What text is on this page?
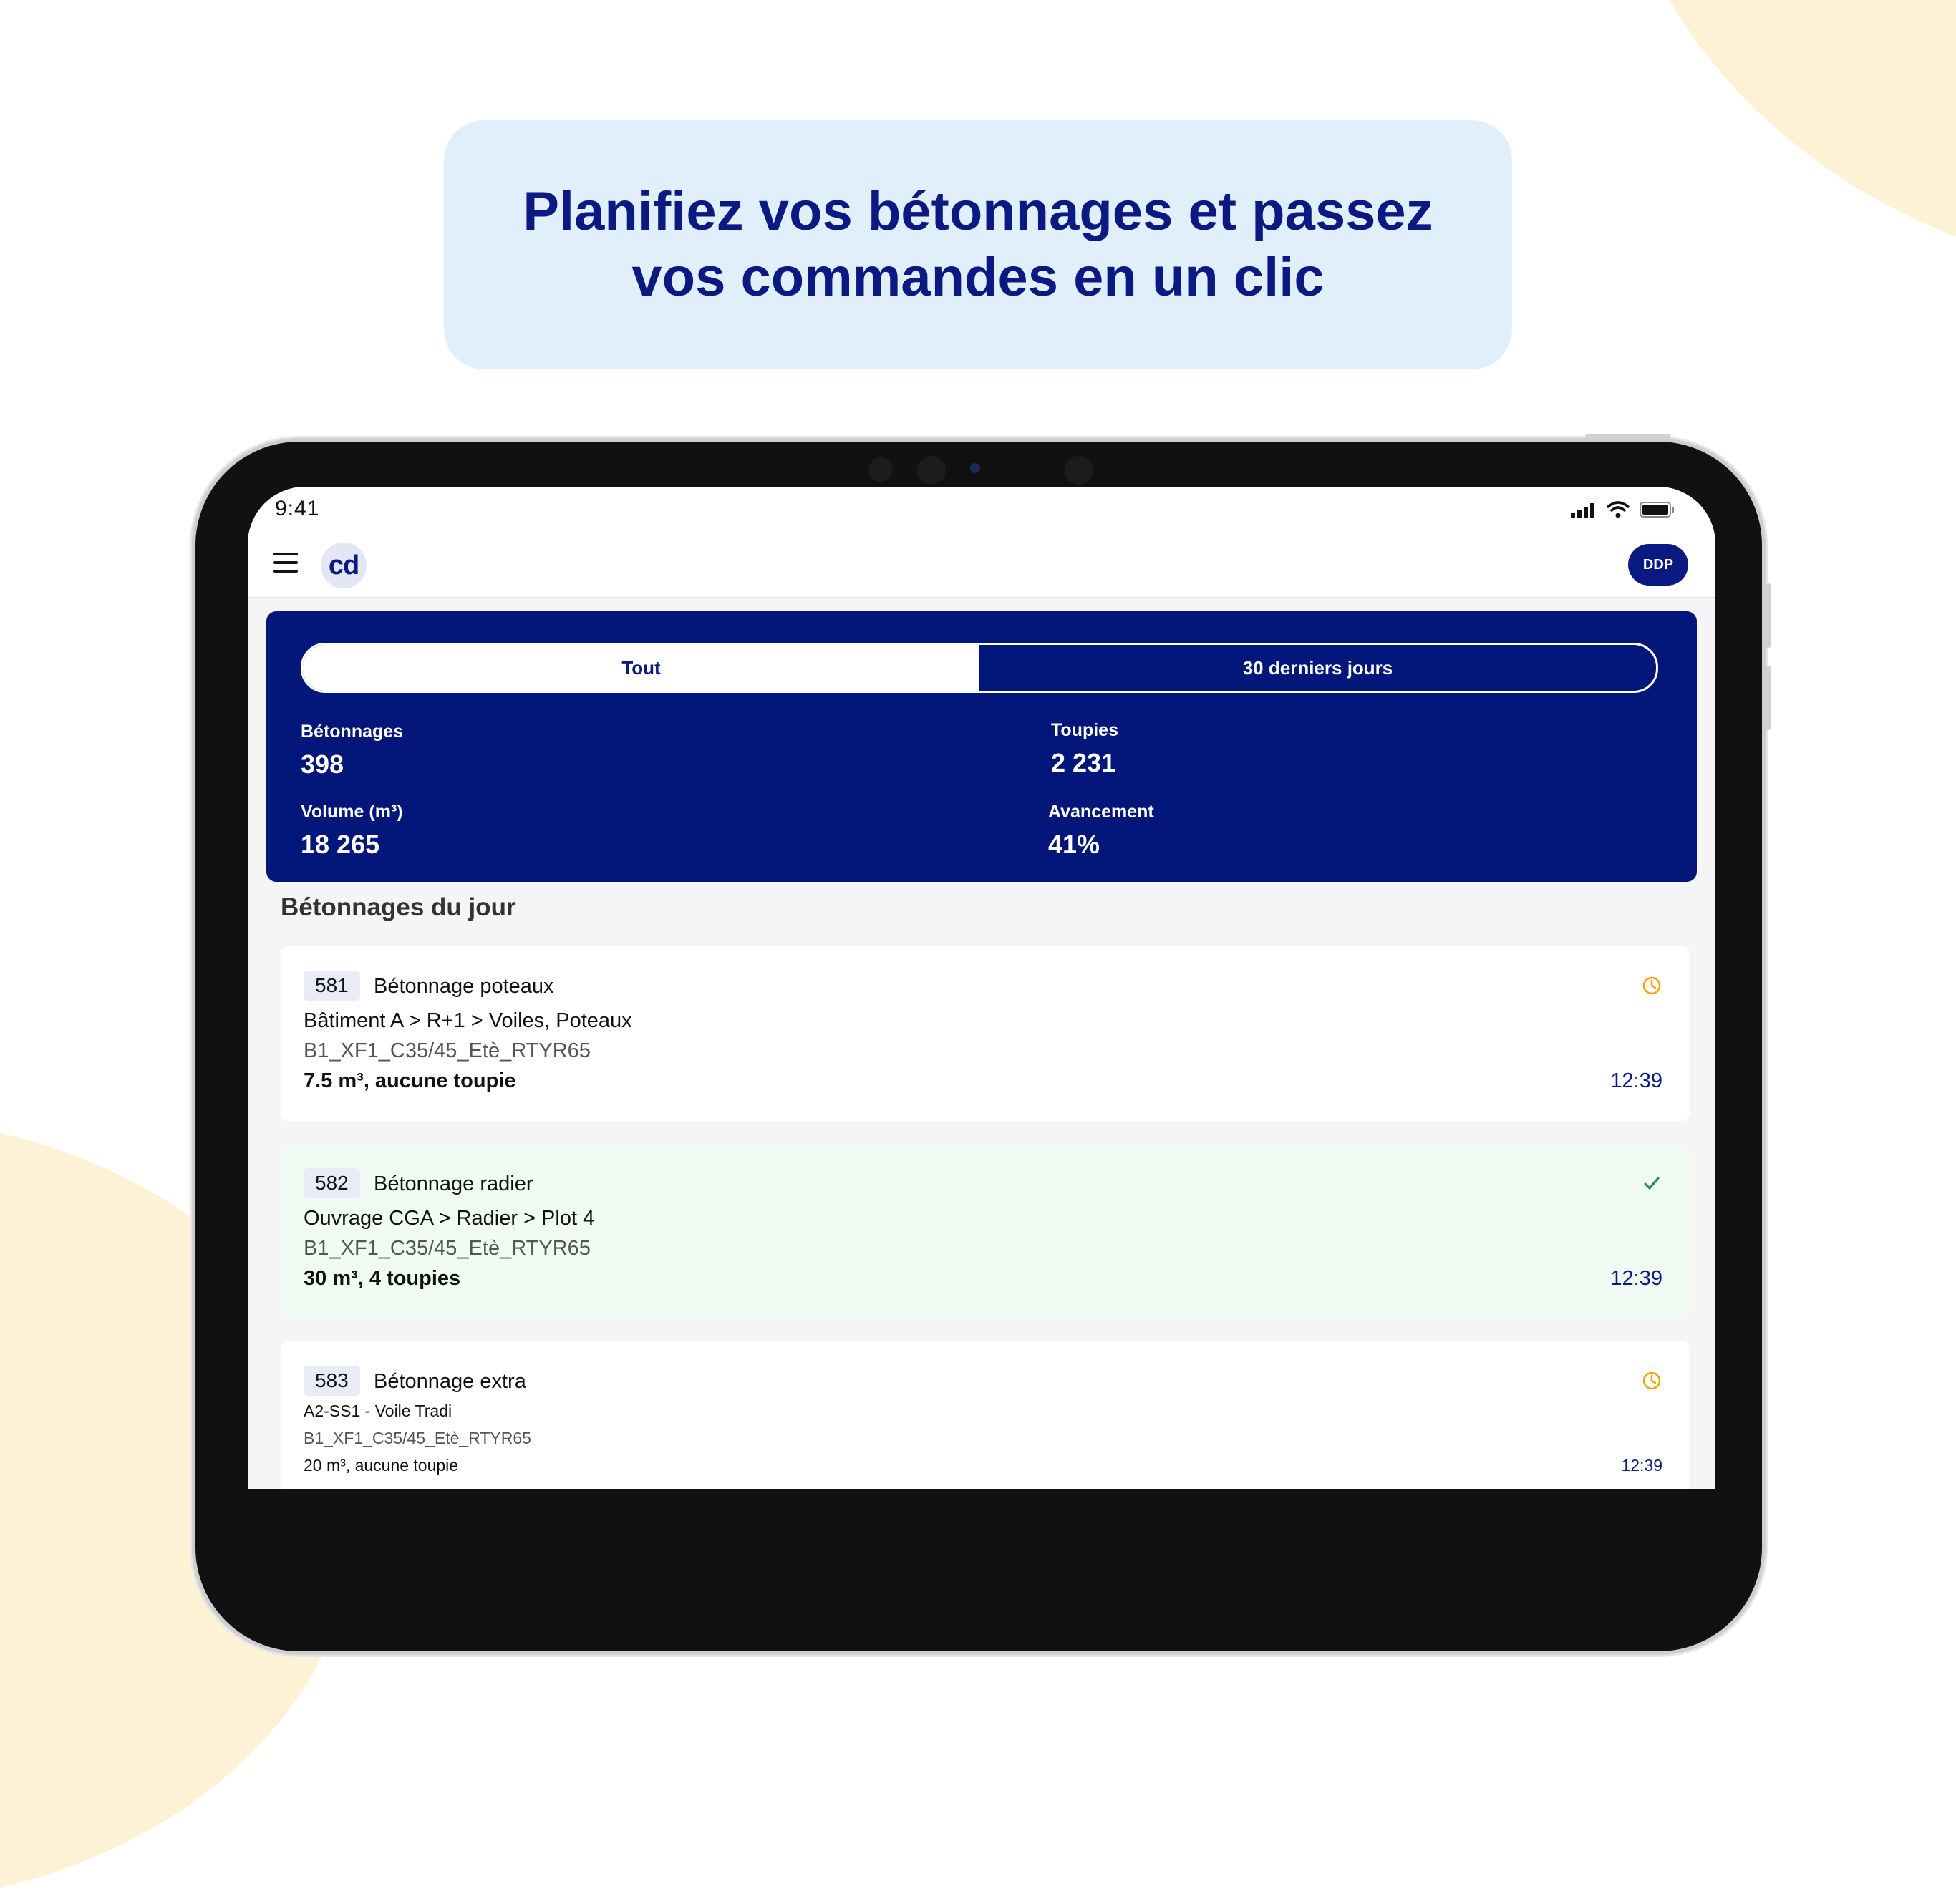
Planifiez vos bétonnages et passez vos commandes en un clic
9:41
cd	DDP
Tout	30 derniers jours
Bétonnages
398
Toupies
2 231
Volume (m³)
18 265
Avancement
41%
Bétonnages du jour
581	Bétonnage poteaux
Bâtiment A > R+1 > Voiles, Poteaux
B1_XF1_C35/45_Etè_RTYR65
7.5 m³, aucune toupie	12:39
582	Bétonnage radier
Ouvrage CGA > Radier > Plot 4
B1_XF1_C35/45_Etè_RTYR65
30 m³, 4 toupies	12:39
583	Bétonnage extra
A2-SS1 - Voile Tradi
B1_XF1_C35/45_Etè_RTYR65
20 m³, aucune toupie	12:39
